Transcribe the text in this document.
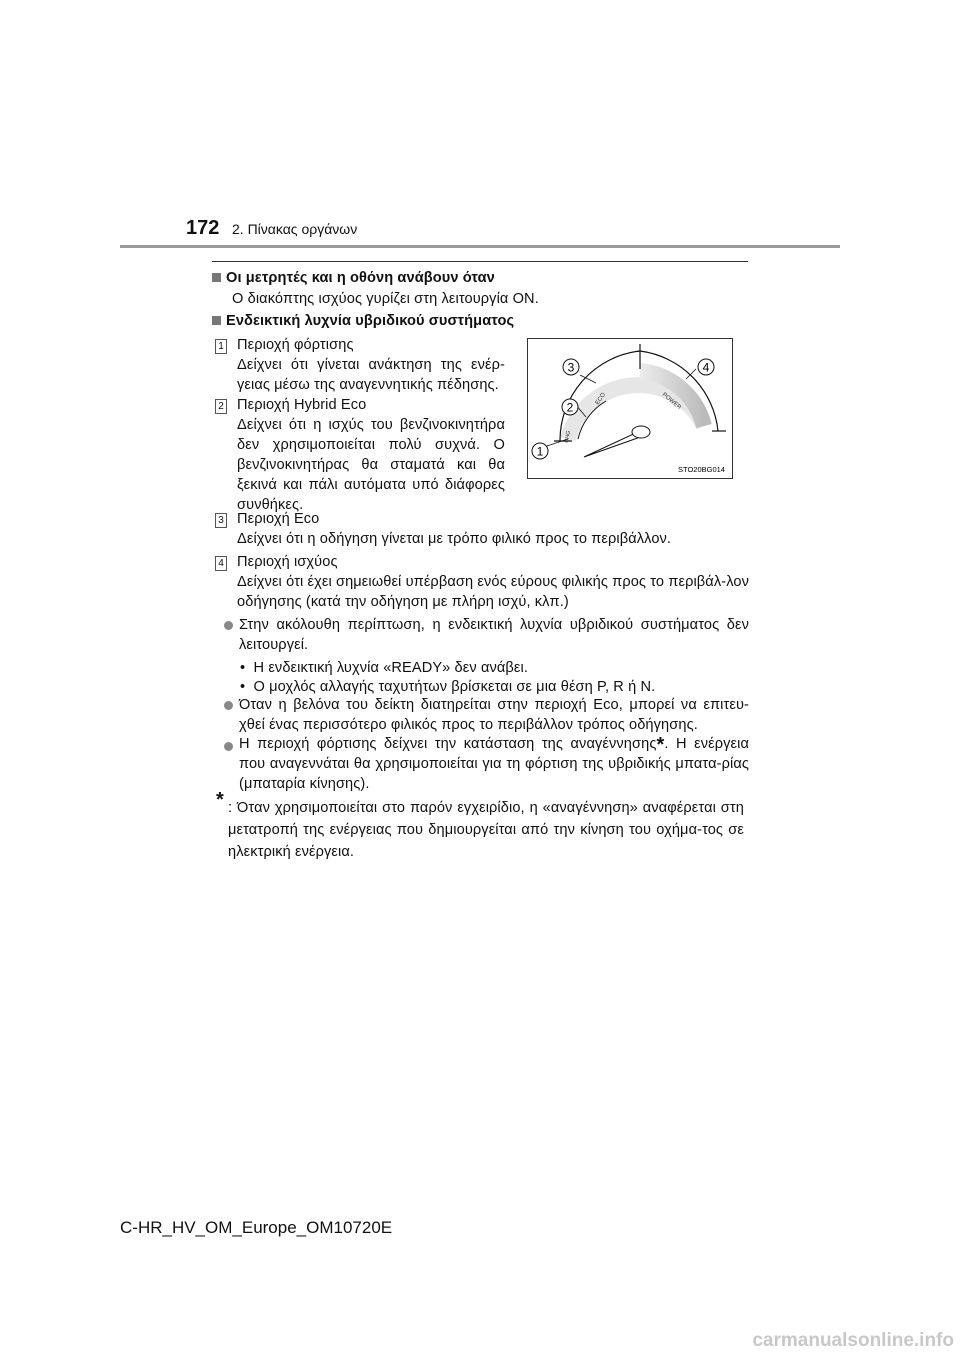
172 2. Πίνακας οργάνων
Οι μετρητές και η οθόνη ανάβουν όταν
Ο διακόπτης ισχύος γυρίζει στη λειτουργία ON.
Ενδεικτική λυχνία υβριδικού συστήματος
1 Περιοχή φόρτισης
Δείχνει ότι γίνεται ανάκτηση της ενέρ-γειας μέσω της αναγεννητικής πέδησης.
2 Περιοχή Hybrid Eco
Δείχνει ότι η ισχύς του βενζινοκινητήρα δεν χρησιμοποιείται πολύ συχνά. Ο βενζινοκινητήρας θα σταματά και θα ξεκινά και πάλι αυτόματα υπό διάφορες συνθήκες.
ECO	POWER
CHG
1
2
3	4
STO20BG014
3 Περιοχή Eco
Δείχνει ότι η οδήγηση γίνεται με τρόπο φιλικό προς το περιβάλλον.
4 Περιοχή ισχύος
Δείχνει ότι έχει σημειωθεί υπέρβαση ενός εύρους φιλικής προς το περιβάλ-λον οδήγησης (κατά την οδήγηση με πλήρη ισχύ, κλπ.)
Στην ακόλουθη περίπτωση, η ενδεικτική λυχνία υβριδικού συστήματος δεν λειτουργεί.
•  Η ενδεικτική λυχνία «READY» δεν ανάβει.
•  Ο μοχλός αλλαγής ταχυτήτων βρίσκεται σε μια θέση P, R ή N.
Όταν η βελόνα του δείκτη διατηρείται στην περιοχή Eco, μπορεί να επιτευ-χθεί ένας περισσότερο φιλικός προς το περιβάλλον τρόπος οδήγησης.
Η περιοχή φόρτισης δείχνει την κατάσταση της αναγέννησης*. Η ενέργεια που αναγεννάται θα χρησιμοποιείται για τη φόρτιση της υβριδικής μπατα-ρίας (μπαταρία κίνησης).
* : Όταν χρησιμοποιείται στο παρόν εγχειρίδιο, η «αναγέννηση» αναφέρεται στη μετατροπή της ενέργειας που δημιουργείται από την κίνηση του οχήμα-τος σε ηλεκτρική ενέργεια.
C-HR_HV_OM_Europe_OM10720E
carmanualsonline.info
